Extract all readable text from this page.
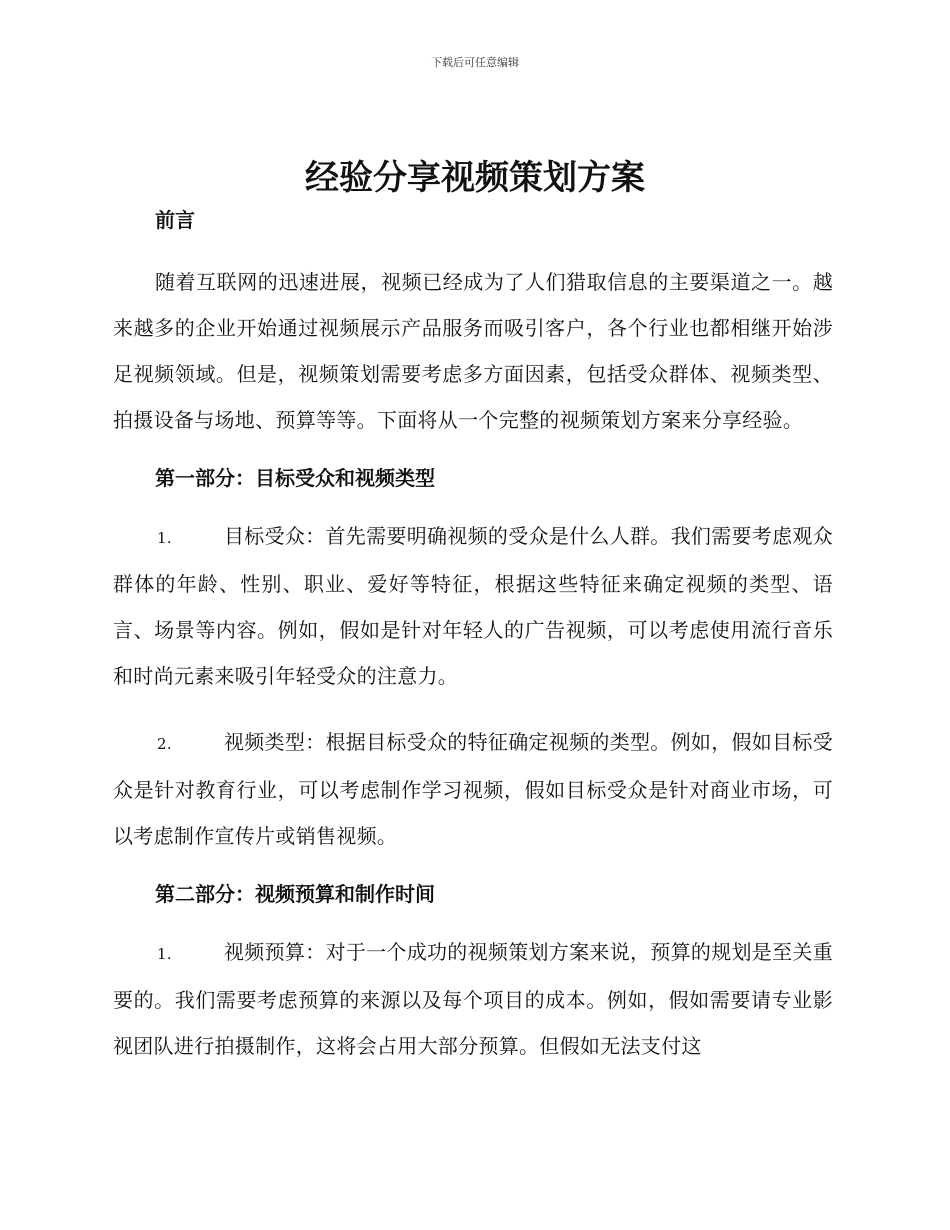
下载后可任意编辑
经验分享视频策划方案

前言

随着互联网的迅速进展，视频已经成为了人们猎取信息的主要渠道之一。越来越多的企业开始通过视频展示产品服务而吸引客户，各个行业也都相继开始涉足视频领域。但是，视频策划需要考虑多方面因素，包括受众群体、视频类型、拍摄设备与场地、预算等等。下面将从一个完整的视频策划方案来分享经验。

第一部分：目标受众和视频类型

1.	目标受众：首先需要明确视频的受众是什么人群。我们需要考虑观众群体的年龄、性别、职业、爱好等特征，根据这些特征来确定视频的类型、语言、场景等内容。例如，假如是针对年轻人的广告视频，可以考虑使用流行音乐和时尚元素来吸引年轻受众的注意力。

2.	视频类型：根据目标受众的特征确定视频的类型。例如，假如目标受众是针对教育行业，可以考虑制作学习视频，假如目标受众是针对商业市场，可以考虑制作宣传片或销售视频。

第二部分：视频预算和制作时间

1.	视频预算：对于一个成功的视频策划方案来说，预算的规划是至关重要的。我们需要考虑预算的来源以及每个项目的成本。例如，假如需要请专业影视团队进行拍摄制作，这将会占用大部分预算。但假如无法支付这
